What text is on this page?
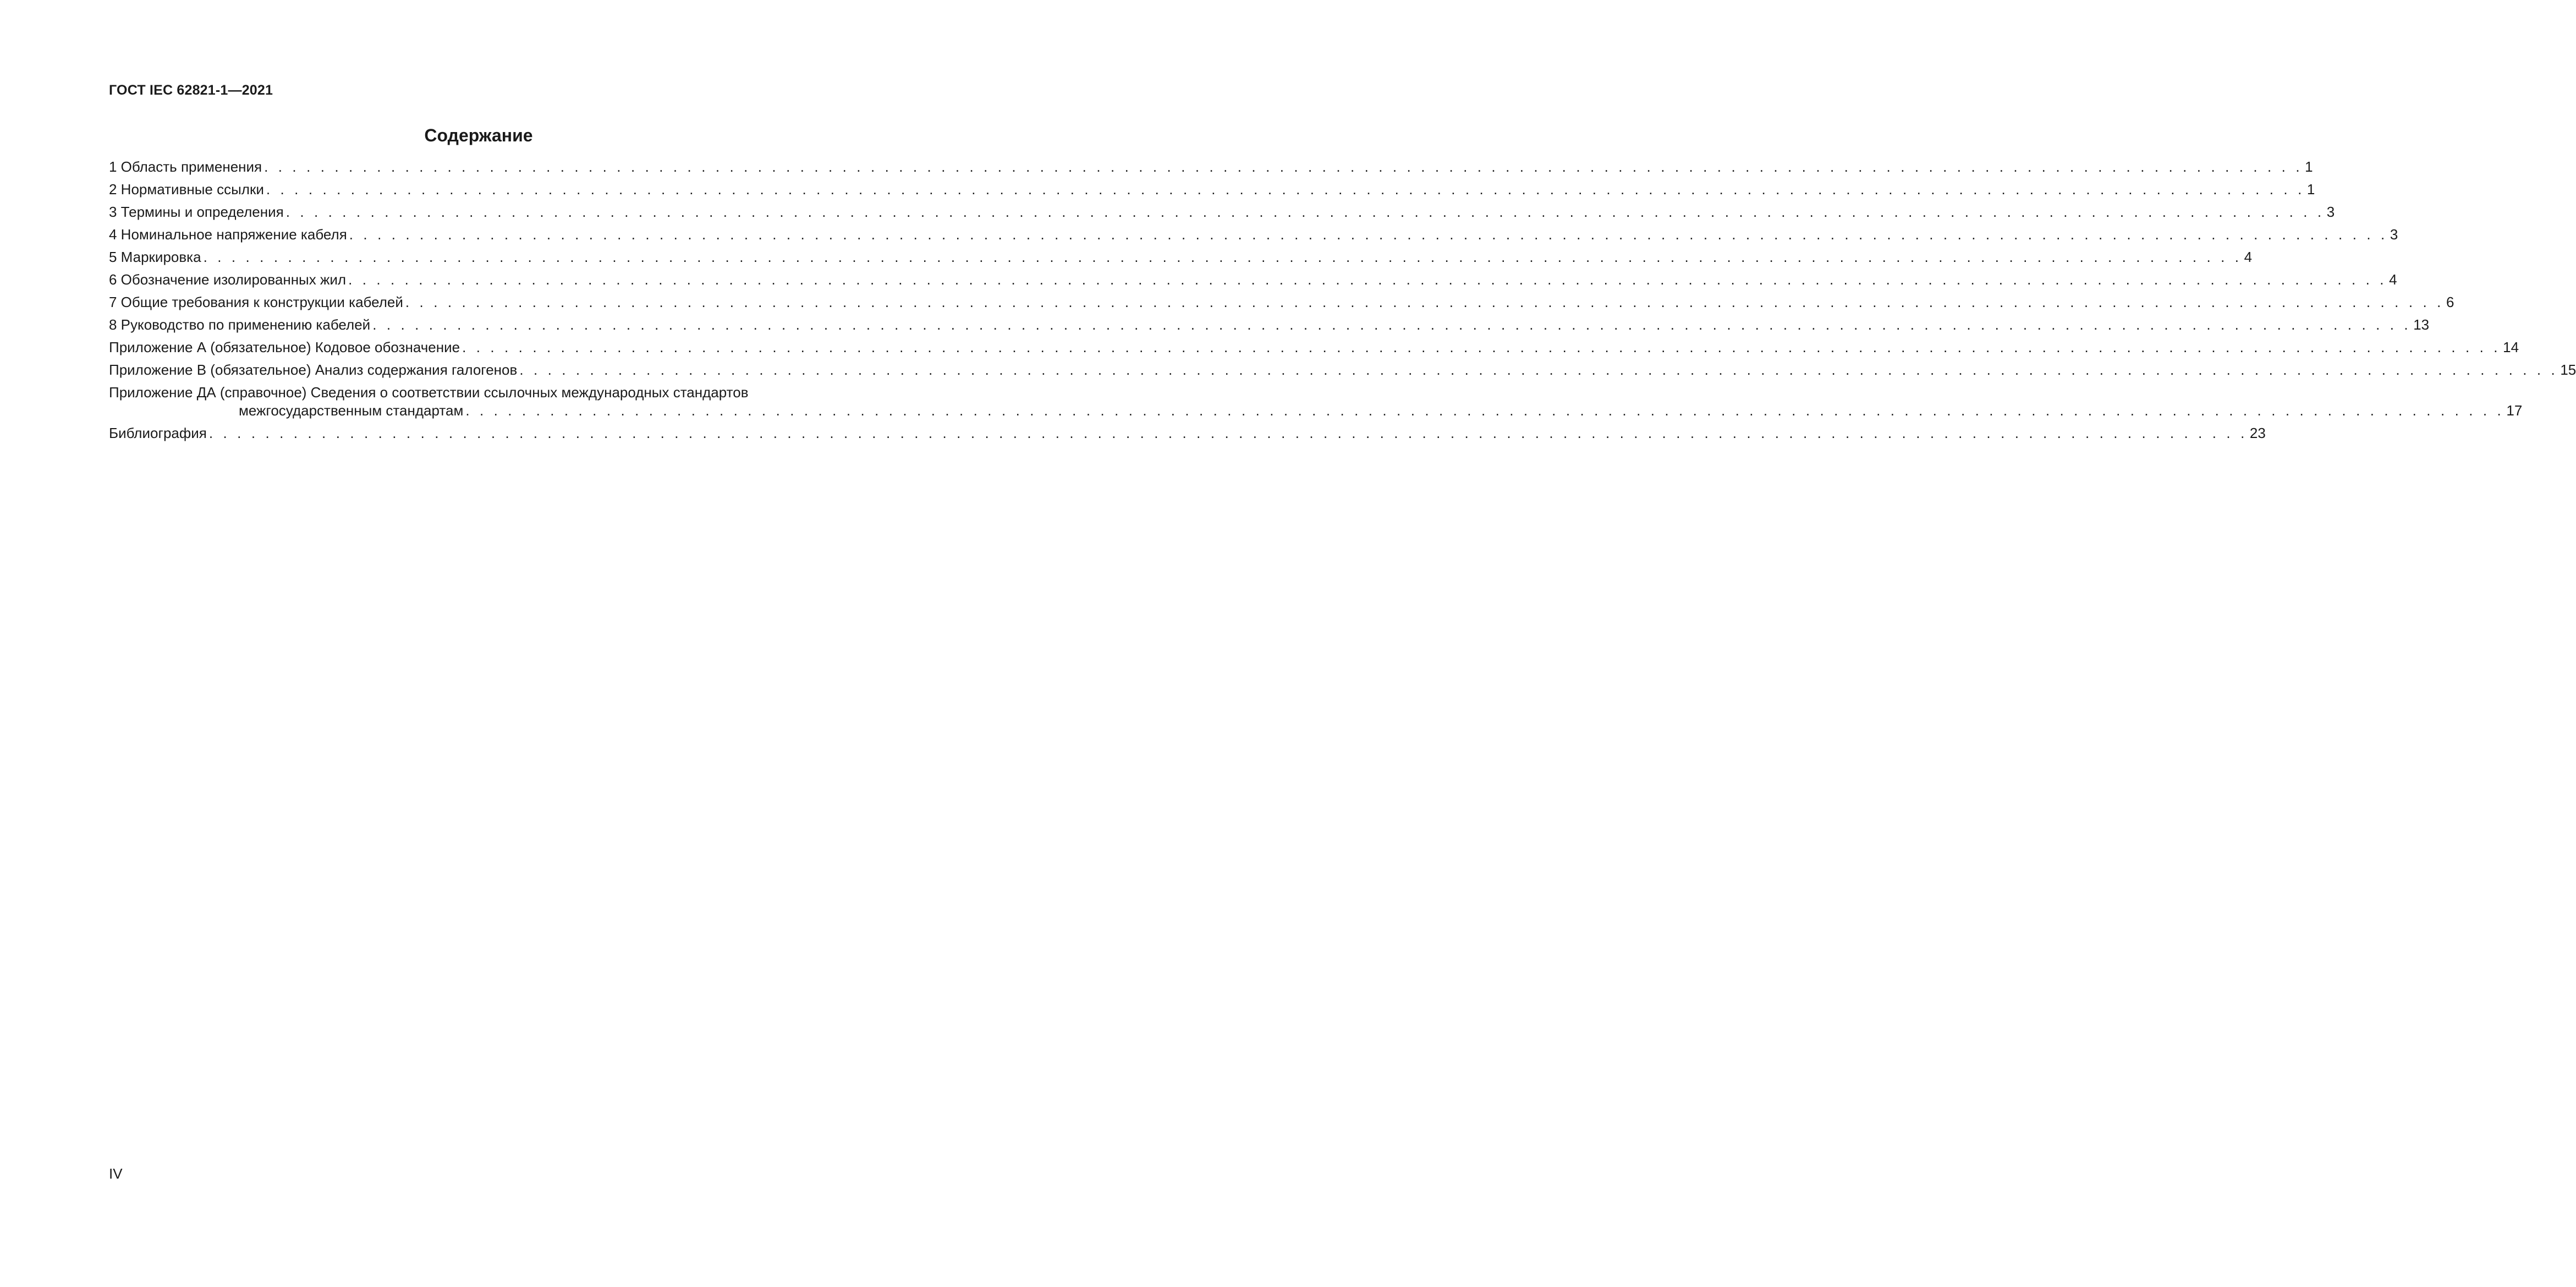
ГОСТ IEC 62821-1—2021
Содержание
1 Область применения . . . . . . . . . . . . . . . . . . . . . . . . . . . . . . . . . . . . . . . . . . . . . . . . . . . . . . . . . . . . . . . . . . . . . . . . . . . . . . . . . . . . . . . . . . . . . . . . . . . . . . . . . . . . . . . . . . . . . . . . . . . . . . . . . . . . . . . . . . . . . . . . . 1
2 Нормативные ссылки . . . . . . . . . . . . . . . . . . . . . . . . . . . . . . . . . . . . . . . . . . . . . . . . . . . . . . . . . . . . . . . . . . . . . . . . . . . . . . . . . . . . . . . . . . . . . . . . . . . . . . . . . . . . . . . . . . . . . . . . . . . . . . . . . . . . . . . . . . . . . . . . . 1
3 Термины и определения . . . . . . . . . . . . . . . . . . . . . . . . . . . . . . . . . . . . . . . . . . . . . . . . . . . . . . . . . . . . . . . . . . . . . . . . . . . . . . . . . . . . . . . . . . . . . . . . . . . . . . . . . . . . . . . . . . . . . . . . . . . . . . . . . . . . . . . . . . . . . . . . . 3
4 Номинальное напряжение кабеля . . . . . . . . . . . . . . . . . . . . . . . . . . . . . . . . . . . . . . . . . . . . . . . . . . . . . . . . . . . . . . . . . . . . . . . . . . . . . . . . . . . . . . . . . . . . . . . . . . . . . . . . . . . . . . . . . . . . . . . . . . . . . . . . . . . . . . . . . . . . . . . . . 3
5 Маркировка . . . . . . . . . . . . . . . . . . . . . . . . . . . . . . . . . . . . . . . . . . . . . . . . . . . . . . . . . . . . . . . . . . . . . . . . . . . . . . . . . . . . . . . . . . . . . . . . . . . . . . . . . . . . . . . . . . . . . . . . . . . . . . . . . . . . . . . . . . . . . . . . . 4
6 Обозначение изолированных жил . . . . . . . . . . . . . . . . . . . . . . . . . . . . . . . . . . . . . . . . . . . . . . . . . . . . . . . . . . . . . . . . . . . . . . . . . . . . . . . . . . . . . . . . . . . . . . . . . . . . . . . . . . . . . . . . . . . . . . . . . . . . . . . . . . . . . . . . . . . . . . . . . 4
7 Общие требования к конструкции кабелей . . . . . . . . . . . . . . . . . . . . . . . . . . . . . . . . . . . . . . . . . . . . . . . . . . . . . . . . . . . . . . . . . . . . . . . . . . . . . . . . . . . . . . . . . . . . . . . . . . . . . . . . . . . . . . . . . . . . . . . . . . . . . . . . . . . . . . . . . . . . . . . . . 6
8 Руководство по применению кабелей . . . . . . . . . . . . . . . . . . . . . . . . . . . . . . . . . . . . . . . . . . . . . . . . . . . . . . . . . . . . . . . . . . . . . . . . . . . . . . . . . . . . . . . . . . . . . . . . . . . . . . . . . . . . . . . . . . . . . . . . . . . . . . . . . . . . . . . . . . . . . . . . . 13
Приложение А (обязательное) Кодовое обозначение . . . . . . . . . . . . . . . . . . . . . . . . . . . . . . . . . . . . . . . . . . . . . . . . . . . . . . . . . . . . . . . . . . . . . . . . . . . . . . . . . . . . . . . . . . . . . . . . . . . . . . . . . . . . . . . . . . . . . . . . . . . . . . . . . . . . . . . . . . . . . . . . . 14
Приложение В (обязательное) Анализ содержания галогенов . . . . . . . . . . . . . . . . . . . . . . . . . . . . . . . . . . . . . . . . . . . . . . . . . . . . . . . . . . . . . . . . . . . . . . . . . . . . . . . . . . . . . . . . . . . . . . . . . . . . . . . . . . . . . . . . . . . . . . . . . . . . . . . . . . . . . . . . . . . . . . . . . 15
Приложение ДА (справочное) Сведения о соответствии ссылочных международных стандартов
межгосударственным стандартам . . . . . . . . . . . . . . . . . . . . . . . . . . . . . . . . . . . . . . . . . . . . . . . . . . . . . . . . . . . . . . . . . . . . . . . . . . . . . . . . . . . . . . . . . . . . . . . . . . . . . . . . . . . . . . . . . . . . . . . . . . . . . . . . . . . . . . . . . . . . . . . . . 17
Библиография . . . . . . . . . . . . . . . . . . . . . . . . . . . . . . . . . . . . . . . . . . . . . . . . . . . . . . . . . . . . . . . . . . . . . . . . . . . . . . . . . . . . . . . . . . . . . . . . . . . . . . . . . . . . . . . . . . . . . . . . . . . . . . . . . . . . . . . . . . . . . . . . . 23
IV
